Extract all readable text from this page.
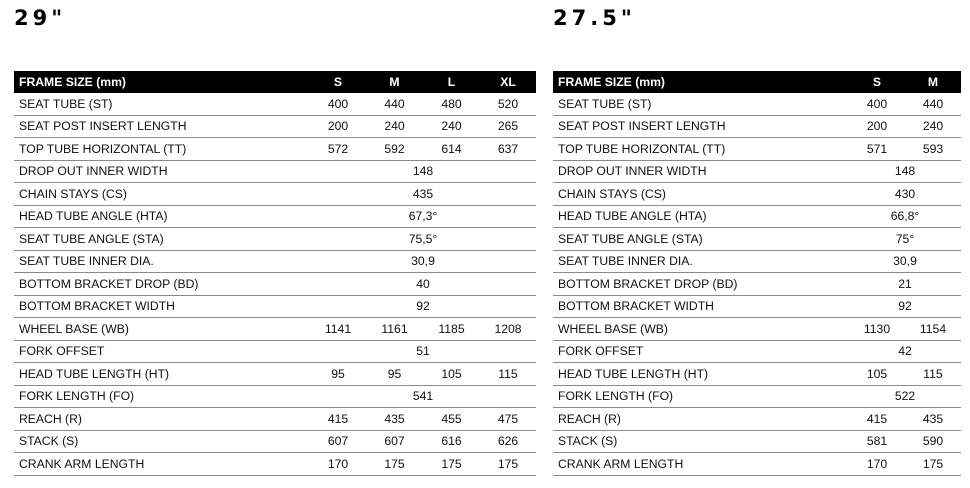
29"
FRAME SIZE (mm)	S	M	L	XL
SEAT TUBE (ST)	400	440	480	520
SEAT POST INSERT LENGTH	200	240	240	265
TOP TUBE HORIZONTAL (TT)	572	592	614	637
DROP OUT INNER WIDTH	148			
CHAIN STAYS (CS)	435			
HEAD TUBE ANGLE (HTA)	67,3°			
SEAT TUBE ANGLE (STA)	75,5°			
SEAT TUBE INNER DIA.	30,9			
BOTTOM BRACKET DROP (BD)	40			
BOTTOM BRACKET WIDTH	92			
WHEEL BASE (WB)	1141	1161	1185	1208
FORK OFFSET	51			
HEAD TUBE LENGTH (HT)	95	95	105	115
FORK LENGTH (FO)	541			
REACH (R)	415	435	455	475
STACK (S)	607	607	616	626
CRANK ARM LENGTH	170	175	175	175
27.5"
FRAME SIZE (mm)	S	M
SEAT TUBE (ST)	400	440
SEAT POST INSERT LENGTH	200	240
TOP TUBE HORIZONTAL (TT)	571	593
DROP OUT INNER WIDTH	148	
CHAIN STAYS (CS)	430	
HEAD TUBE ANGLE (HTA)	66,8°	
SEAT TUBE ANGLE (STA)	75°	
SEAT TUBE INNER DIA.	30,9	
BOTTOM BRACKET DROP (BD)	21	
BOTTOM BRACKET WIDTH	92	
WHEEL BASE (WB)	1130	1154
FORK OFFSET	42	
HEAD TUBE LENGTH (HT)	105	115
FORK LENGTH (FO)	522	
REACH (R)	415	435
STACK (S)	581	590
CRANK ARM LENGTH	170	175
